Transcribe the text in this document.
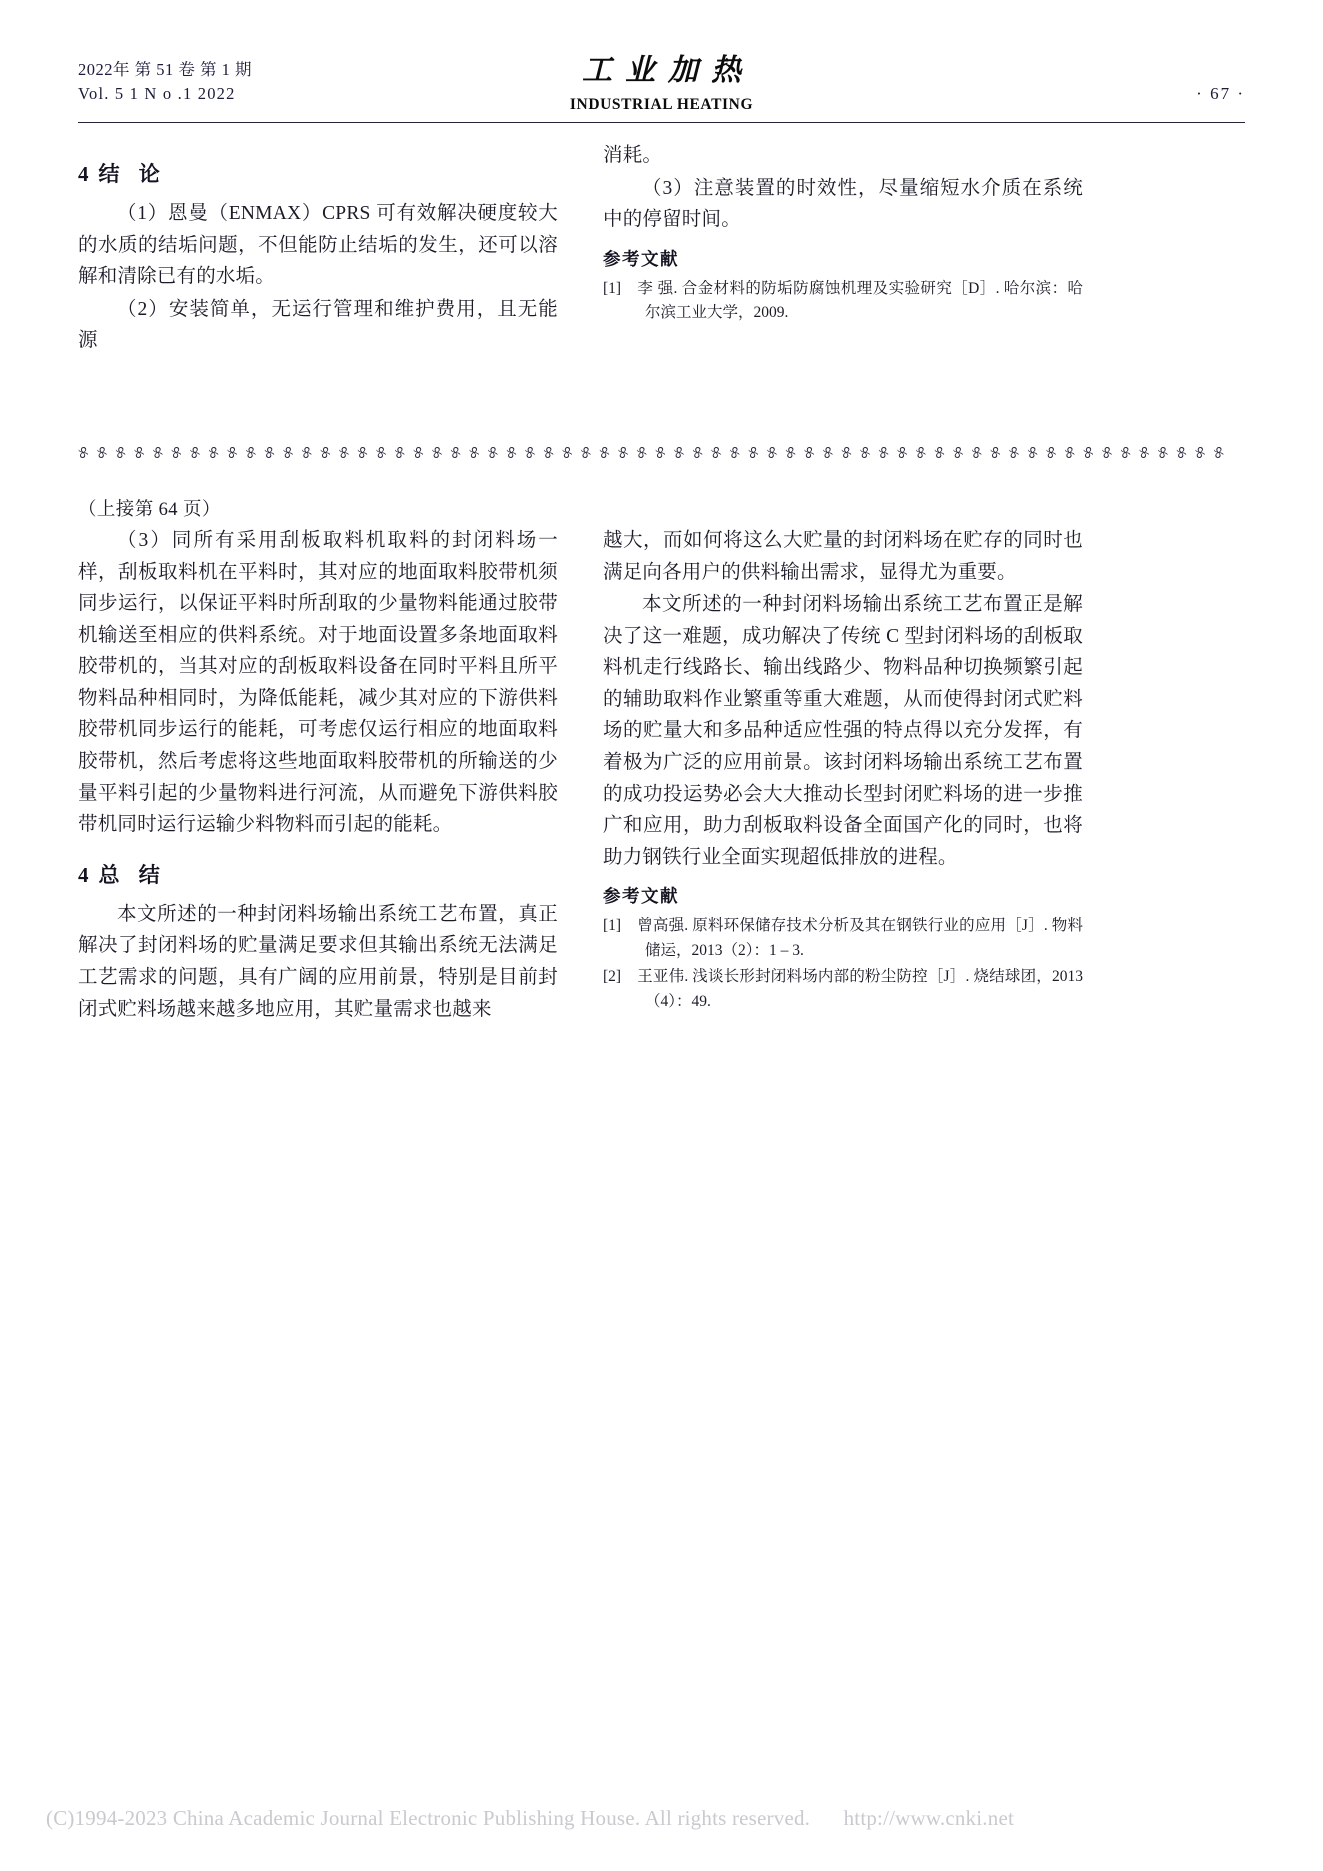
2022年 第 51 卷 第 1 期
Vol. 5 1 N o .1 2022
工业加热
INDUSTRIAL HEATING
· 67 ·
4 结 论

（1）恩曼（ENMAX）CPRS 可有效解决硬度较大的水质的结垢问题，不但能防止结垢的发生，还可以溶解和清除已有的水垢。

（2）安装简单，无运行管理和维护费用，且无能源

消耗。

（3）注意装置的时效性，尽量缩短水介质在系统中的停留时间。

参考文献
[1] 李 强. 合金材料的防垢防腐蚀机理及实验研究［D］. 哈尔滨：哈尔滨工业大学，2009.
୫ ୫ ୫ ୫ ୫ ୫ ୫ ୫ ୫ ୫ ୫ ୫ ୫ ୫ ୫ ୫ ୫ ୫ ୫ ୫ ୫ ୫ ୫ ୫ ୫ ୫ ୫ ୫ ୫ ୫ ୫ ୫ ୫ ୫ ୫ ୫ ୫ ୫ ୫ ୫ ୫ ୫ ୫ ୫ ୫ ୫ ୫ ୫ ୫ ୫ ୫ ୫ ୫ ୫ ୫ ୫ ୫ ୫ ୫ ୫ ୫ ୫
（上接第 64 页）

（3）同所有采用刮板取料机取料的封闭料场一样，刮板取料机在平料时，其对应的地面取料胶带机须同步运行，以保证平料时所刮取的少量物料能通过胶带机输送至相应的供料系统。对于地面设置多条地面取料胶带机的，当其对应的刮板取料设备在同时平料且所平物料品种相同时，为降低能耗，减少其对应的下游供料胶带机同步运行的能耗，可考虑仅运行相应的地面取料胶带机，然后考虑将这些地面取料胶带机的所输送的少量平料引起的少量物料进行河流，从而避免下游供料胶带机同时运行运输少料物料而引起的能耗。

4 总 结

本文所述的一种封闭料场输出系统工艺布置，真正解决了封闭料场的贮量满足要求但其输出系统无法满足工艺需求的问题，具有广阔的应用前景，特别是目前封闭式贮料场越来越多地应用，其贮量需求也越来

越大，而如何将这么大贮量的封闭料场在贮存的同时也满足向各用户的供料输出需求，显得尤为重要。

本文所述的一种封闭料场输出系统工艺布置正是解决了这一难题，成功解决了传统 C 型封闭料场的刮板取料机走行线路长、输出线路少、物料品种切换频繁引起的辅助取料作业繁重等重大难题，从而使得封闭式贮料场的贮量大和多品种适应性强的特点得以充分发挥，有着极为广泛的应用前景。该封闭料场输出系统工艺布置的成功投运势必会大大推动长型封闭贮料场的进一步推广和应用，助力刮板取料设备全面国产化的同时，也将助力钢铁行业全面实现超低排放的进程。

参考文献
[1] 曾高强. 原料环保储存技术分析及其在钢铁行业的应用［J］. 物料储运，2013（2）：1 – 3.
[2] 王亚伟. 浅谈长形封闭料场内部的粉尘防控［J］. 烧结球团，2013（4）：49.
(C)1994-2023 China Academic Journal Electronic Publishing House. All rights reserved. http://www.cnki.net
